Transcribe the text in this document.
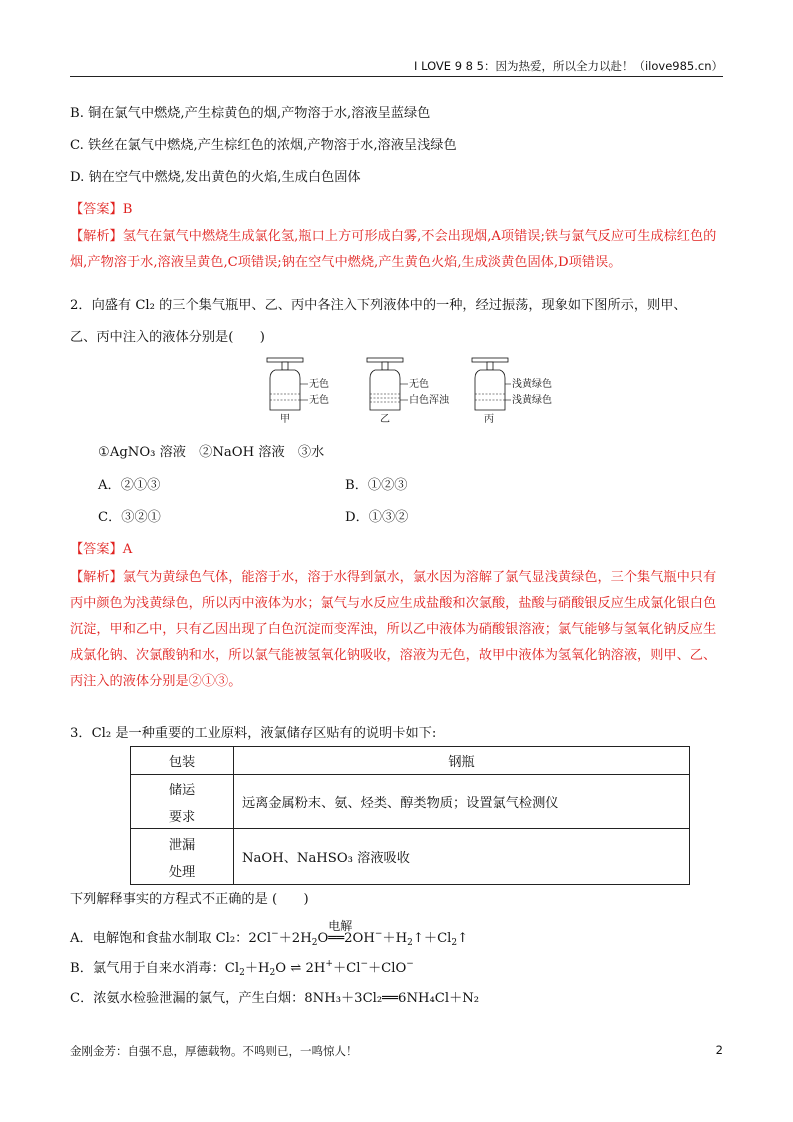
I LOVE 9 8 5：因为热爱，所以全力以赴！（ilove985.cn）
B. 铜在氯气中燃烧,产生棕黄色的烟,产物溶于水,溶液呈蓝绿色
C. 铁丝在氯气中燃烧,产生棕红色的浓烟,产物溶于水,溶液呈浅绿色
D. 钠在空气中燃烧,发出黄色的火焰,生成白色固体
【答案】B
【解析】氢气在氯气中燃烧生成氯化氢,瓶口上方可形成白雾,不会出现烟,A项错误;铁与氯气反应可生成棕红色的烟,产物溶于水,溶液呈黄色,C项错误;钠在空气中燃烧,产生黄色火焰,生成淡黄色固体,D项错误。
2．向盛有 Cl₂ 的三个集气瓶甲、乙、丙中各注入下列液体中的一种，经过振荡，现象如下图所示，则甲、
乙、丙中注入的液体分别是(　　)
无色
无色
甲
无色
白色浑浊
乙
浅黄绿色
浅黄绿色
丙
①AgNO₃ 溶液　②NaOH 溶液　③水
A．②①③	B．①②③
C．③②①	D．①③②
【答案】A
【解析】氯气为黄绿色气体，能溶于水，溶于水得到氯水，氯水因为溶解了氯气显浅黄绿色，三个集气瓶中只有丙中颜色为浅黄绿色，所以丙中液体为水；氯气与水反应生成盐酸和次氯酸，盐酸与硝酸银反应生成氯化银白色沉淀，甲和乙中，只有乙因出现了白色沉淀而变浑浊，所以乙中液体为硝酸银溶液；氯气能够与氢氧化钠反应生成氯化钠、次氯酸钠和水，所以氯气能被氢氧化钠吸收，溶液为无色，故甲中液体为氢氧化钠溶液，则甲、乙、丙注入的液体分别是②①③。
3．Cl₂ 是一种重要的工业原料，液氯储存区贴有的说明卡如下:
包装	钢瓶

储运
要求	远离金属粉末、氨、烃类、醇类物质；设置氯气检测仪

泄漏
处理	NaOH、NaHSO₃ 溶液吸收
下列解释事实的方程式不正确的是 (　　)
A．电解饱和食盐水制取 Cl₂：$2Cl^-+2H_2O$
电解
$══2OH^-+H_2↑+Cl_2↑$
B．氯气用于自来水消毒：$Cl_2+H_2O$ ⇌ 2H+＋Cl−＋ClO−
C．浓氨水检验泄漏的氯气，产生白烟：8NH₃＋3Cl₂══6NH₄Cl＋N₂
金刚金芳：自强不息，厚德载物。不鸣则已，一鸣惊人！	2
